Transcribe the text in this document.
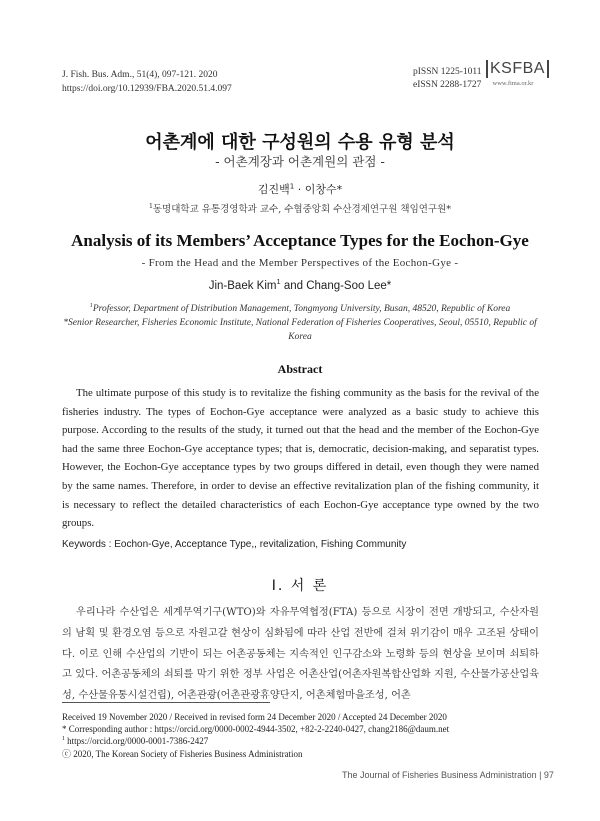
J. Fish. Bus. Adm., 51(4), 097-121. 2020
https://doi.org/10.12939/FBA.2020.51.4.097
pISSN 1225-1011
eISSN 2288-1727
KSFBA
www.fima.or.kr
어촌계에 대한 구성원의 수용 유형 분석
- 어촌계장과 어촌계원의 관점 -
김진백$^1$ · 이창수*
$^1$동명대학교 유통경영학과 교수, 수협중앙회 수산경제연구원 책임연구원*
Analysis of its Members’ Acceptance Types for the Eochon-Gye
- From the Head and the Member Perspectives of the Eochon-Gye -
Jin-Baek Kim$^1$ and Chang-Soo Lee*
$^1$Professor, Department of Distribution Management, Tongmyong University, Busan, 48520, Republic of Korea
*Senior Researcher, Fisheries Economic Institute, National Federation of Fisheries Cooperatives, Seoul, 05510, Republic of Korea
Abstract
The ultimate purpose of this study is to revitalize the fishing community as the basis for the revival of the fisheries industry. The types of Eochon-Gye acceptance were analyzed as a basic study to achieve this purpose. According to the results of the study, it turned out that the head and the member of the Eochon-Gye had the same three Eochon-Gye acceptance types; that is, democratic, decision-making, and separatist types. However, the Eochon-Gye acceptance types by two groups differed in detail, even though they were named by the same names. Therefore, in order to devise an effective revitalization plan of the fishing community, it is necessary to reflect the detailed characteristics of each Eochon-Gye acceptance type owned by the two groups.
Keywords : Eochon-Gye, Acceptance Type,, revitalization, Fishing Community
Ⅰ. 서 론
우리나라 수산업은 세계무역기구(WTO)와 자유무역협정(FTA) 등으로 시장이 전면 개방되고, 수산자원의 남획 및 환경오염 등으로 자원고갈 현상이 심화됨에 따라 산업 전반에 걸쳐 위기감이 매우 고조된 상태이다. 이로 인해 수산업의 기반이 되는 어촌공동체는 지속적인 인구감소와 노령화 등의 현상을 보이며 쇠퇴하고 있다. 어촌공동체의 쇠퇴를 막기 위한 정부 사업은 어촌산업(어촌자원복합산업화 지원, 수산물가공산업육성, 수산물유통시설건립), 어촌관광(어촌관광휴양단지, 어촌체험마을조성, 어촌
Received 19 November 2020 / Received in revised form 24 December 2020 / Accepted 24 December 2020
* Corresponding author : https://orcid.org/0000-0002-4944-3502, +82-2-2240-0427, chang2186@daum.net
$^1$ https://orcid.org/0000-0001-7386-2427
ⓒ 2020, The Korean Society of Fisheries Business Administration
The Journal of Fisheries Business Administration | 97
